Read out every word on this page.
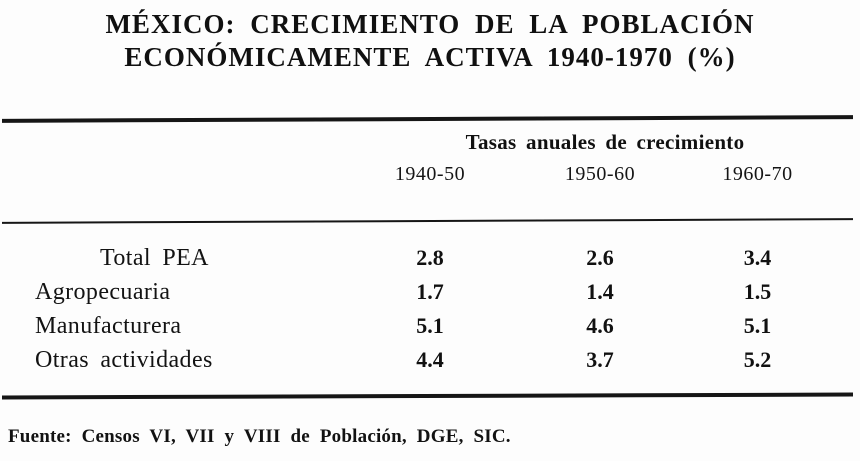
MÉXICO: CRECIMIENTO DE LA POBLACIÓN
ECONÓMICAMENTE ACTIVA 1940-1970 (%)
Tasas anuales de crecimiento
1940-50	1950-60	1960-70
Total PEA	2.8	2.6	3.4
Agropecuaria	1.7	1.4	1.5
Manufacturera	5.1	4.6	5.1
Otras actividades	4.4	3.7	5.2
Fuente: Censos VI, VII y VIII de Población, DGE, SIC.
